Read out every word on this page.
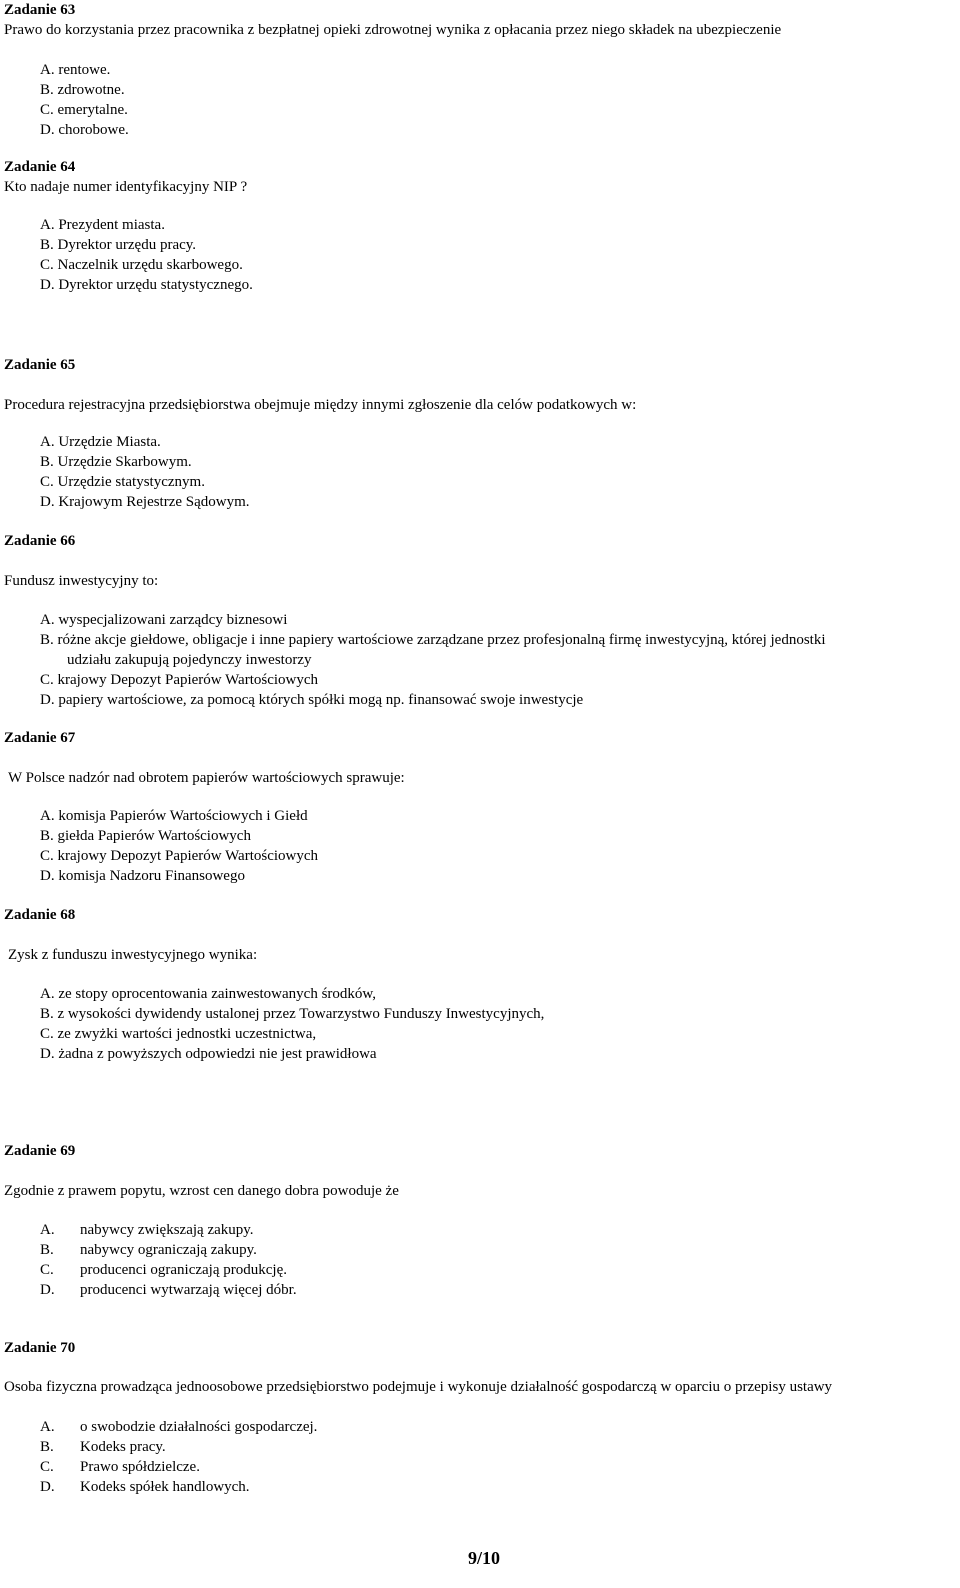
Zadanie 63
Prawo do korzystania przez pracownika z bezpłatnej opieki zdrowotnej wynika z opłacania przez niego składek na ubezpieczenie
A. rentowe.
B. zdrowotne.
C. emerytalne.
D. chorobowe.
Zadanie 64
Kto nadaje numer identyfikacyjny NIP ?
A. Prezydent miasta.
B. Dyrektor urzędu pracy.
C. Naczelnik urzędu skarbowego.
D. Dyrektor urzędu statystycznego.
Zadanie 65
Procedura rejestracyjna przedsiębiorstwa obejmuje między innymi zgłoszenie dla celów podatkowych w:
A. Urzędzie Miasta.
B. Urzędzie Skarbowym.
C. Urzędzie statystycznym.
D. Krajowym Rejestrze Sądowym.
Zadanie 66
Fundusz inwestycyjny to:
A. wyspecjalizowani zarządcy biznesowi
B. różne akcje giełdowe, obligacje i inne papiery wartościowe zarządzane przez profesjonalną firmę inwestycyjną, której jednostki
udziału zakupują pojedynczy inwestorzy
C. krajowy Depozyt Papierów Wartościowych
D. papiery wartościowe, za pomocą których spółki mogą np. finansować swoje inwestycje
Zadanie 67
W Polsce nadzór nad obrotem papierów wartościowych sprawuje:
A. komisja Papierów Wartościowych i Giełd
B. giełda Papierów Wartościowych
C. krajowy Depozyt Papierów Wartościowych
D. komisja Nadzoru Finansowego
Zadanie 68
Zysk z funduszu inwestycyjnego wynika:
A. ze stopy oprocentowania zainwestowanych środków,
B. z wysokości dywidendy ustalonej przez Towarzystwo Funduszy Inwestycyjnych,
C. ze zwyżki wartości jednostki uczestnictwa,
D. żadna z powyższych odpowiedzi nie jest prawidłowa
Zadanie 69
Zgodnie z prawem popytu, wzrost cen danego dobra powoduje że
A. nabywcy zwiększają zakupy.
B. nabywcy ograniczają zakupy.
C. producenci ograniczają produkcję.
D. producenci wytwarzają więcej dóbr.
Zadanie 70
Osoba fizyczna prowadząca jednoosobowe przedsiębiorstwo podejmuje i wykonuje działalność gospodarczą w oparciu o przepisy ustawy
A. o swobodzie działalności gospodarczej.
B. Kodeks pracy.
C. Prawo spółdzielcze.
D. Kodeks spółek handlowych.
9/10
